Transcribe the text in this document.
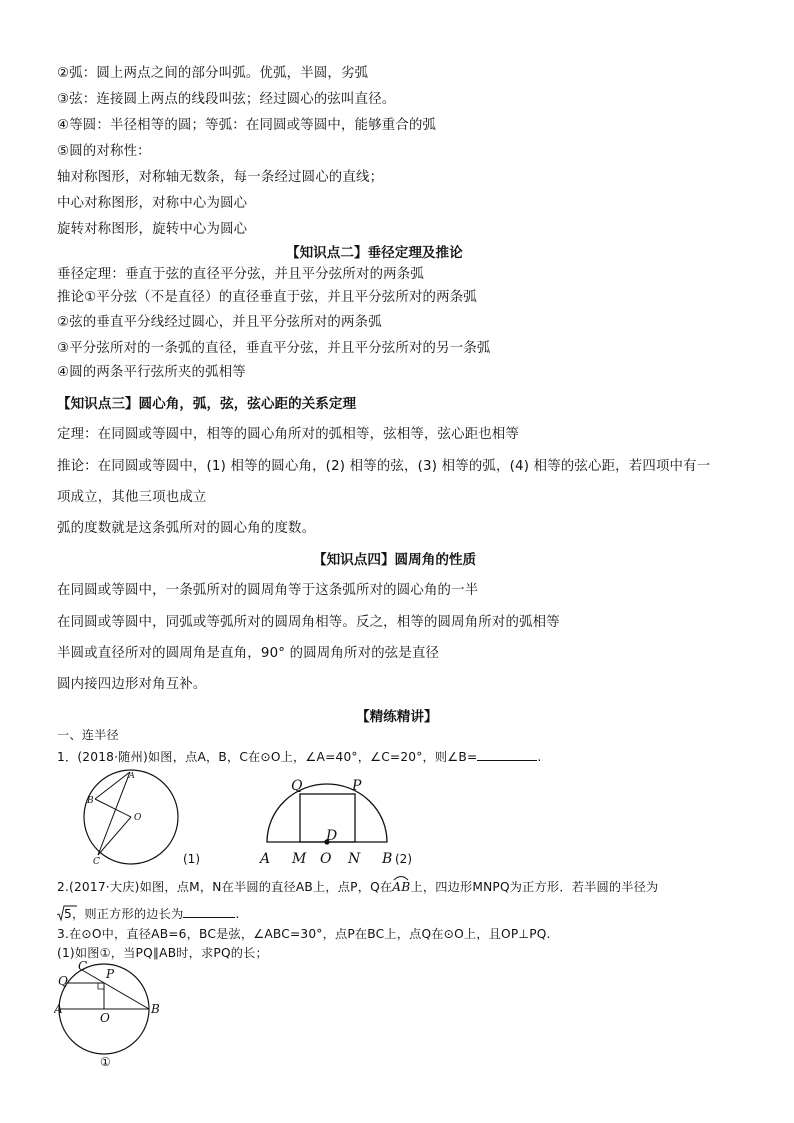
②弧：圆上两点之间的部分叫弧。优弧，半圆，劣弧
③弦：连接圆上两点的线段叫弦；经过圆心的弦叫直径。
④等圆：半径相等的圆；等弧：在同圆或等圆中，能够重合的弧
⑤圆的对称性：
轴对称图形，对称轴无数条，每一条经过圆心的直线；
中心对称图形，对称中心为圆心
旋转对称图形，旋转中心为圆心
【知识点二】垂径定理及推论
垂径定理：垂直于弦的直径平分弦，并且平分弦所对的两条弧
推论①平分弦（不是直径）的直径垂直于弦，并且平分弦所对的两条弧
②弦的垂直平分线经过圆心，并且平分弦所对的两条弧
③平分弦所对的一条弧的直径，垂直平分弦，并且平分弦所对的另一条弧
④圆的两条平行弦所夹的弧相等
【知识点三】圆心角，弧，弦，弦心距的关系定理
定理：在同圆或等圆中，相等的圆心角所对的弧相等，弦相等，弦心距也相等
推论：在同圆或等圆中，(1) 相等的圆心角，(2) 相等的弦，(3) 相等的弧，(4) 相等的弦心距，若四项中有一
项成立，其他三项也成立
弧的度数就是这条弧所对的圆心角的度数。
【知识点四】圆周角的性质
在同圆或等圆中，一条弧所对的圆周角等于这条弧所对的圆心角的一半
在同圆或等圆中，同弧或等弧所对的圆周角相等。反之，相等的圆周角所对的弧相等
半圆或直径所对的圆周角是直角，90° 的圆周角所对的弦是直径
圆内接四边形对角互补。
【精练精讲】
一、连半径
1．(2018·随州)如图，点A，B，C在⊙O上，∠A=40°，∠C=20°，则∠B=	.
A
B
O
C	(1)
Q	P
D
A M O N B (2)
2.(2017·大庆)如图，点M，N在半圆的直径AB上，点P，Q在
AB上，四边形MNPQ为正方形．若半圆的半径为
5，则正方形的边长为	.
3.在⊙O中，直径AB=6，BC是弦，∠ABC=30°，点P在BC上，点Q在⊙O上，且OP⊥PQ.
(1)如图①，当PQ∥AB时，求PQ的长；
C
Q	P
A
O
B
①
